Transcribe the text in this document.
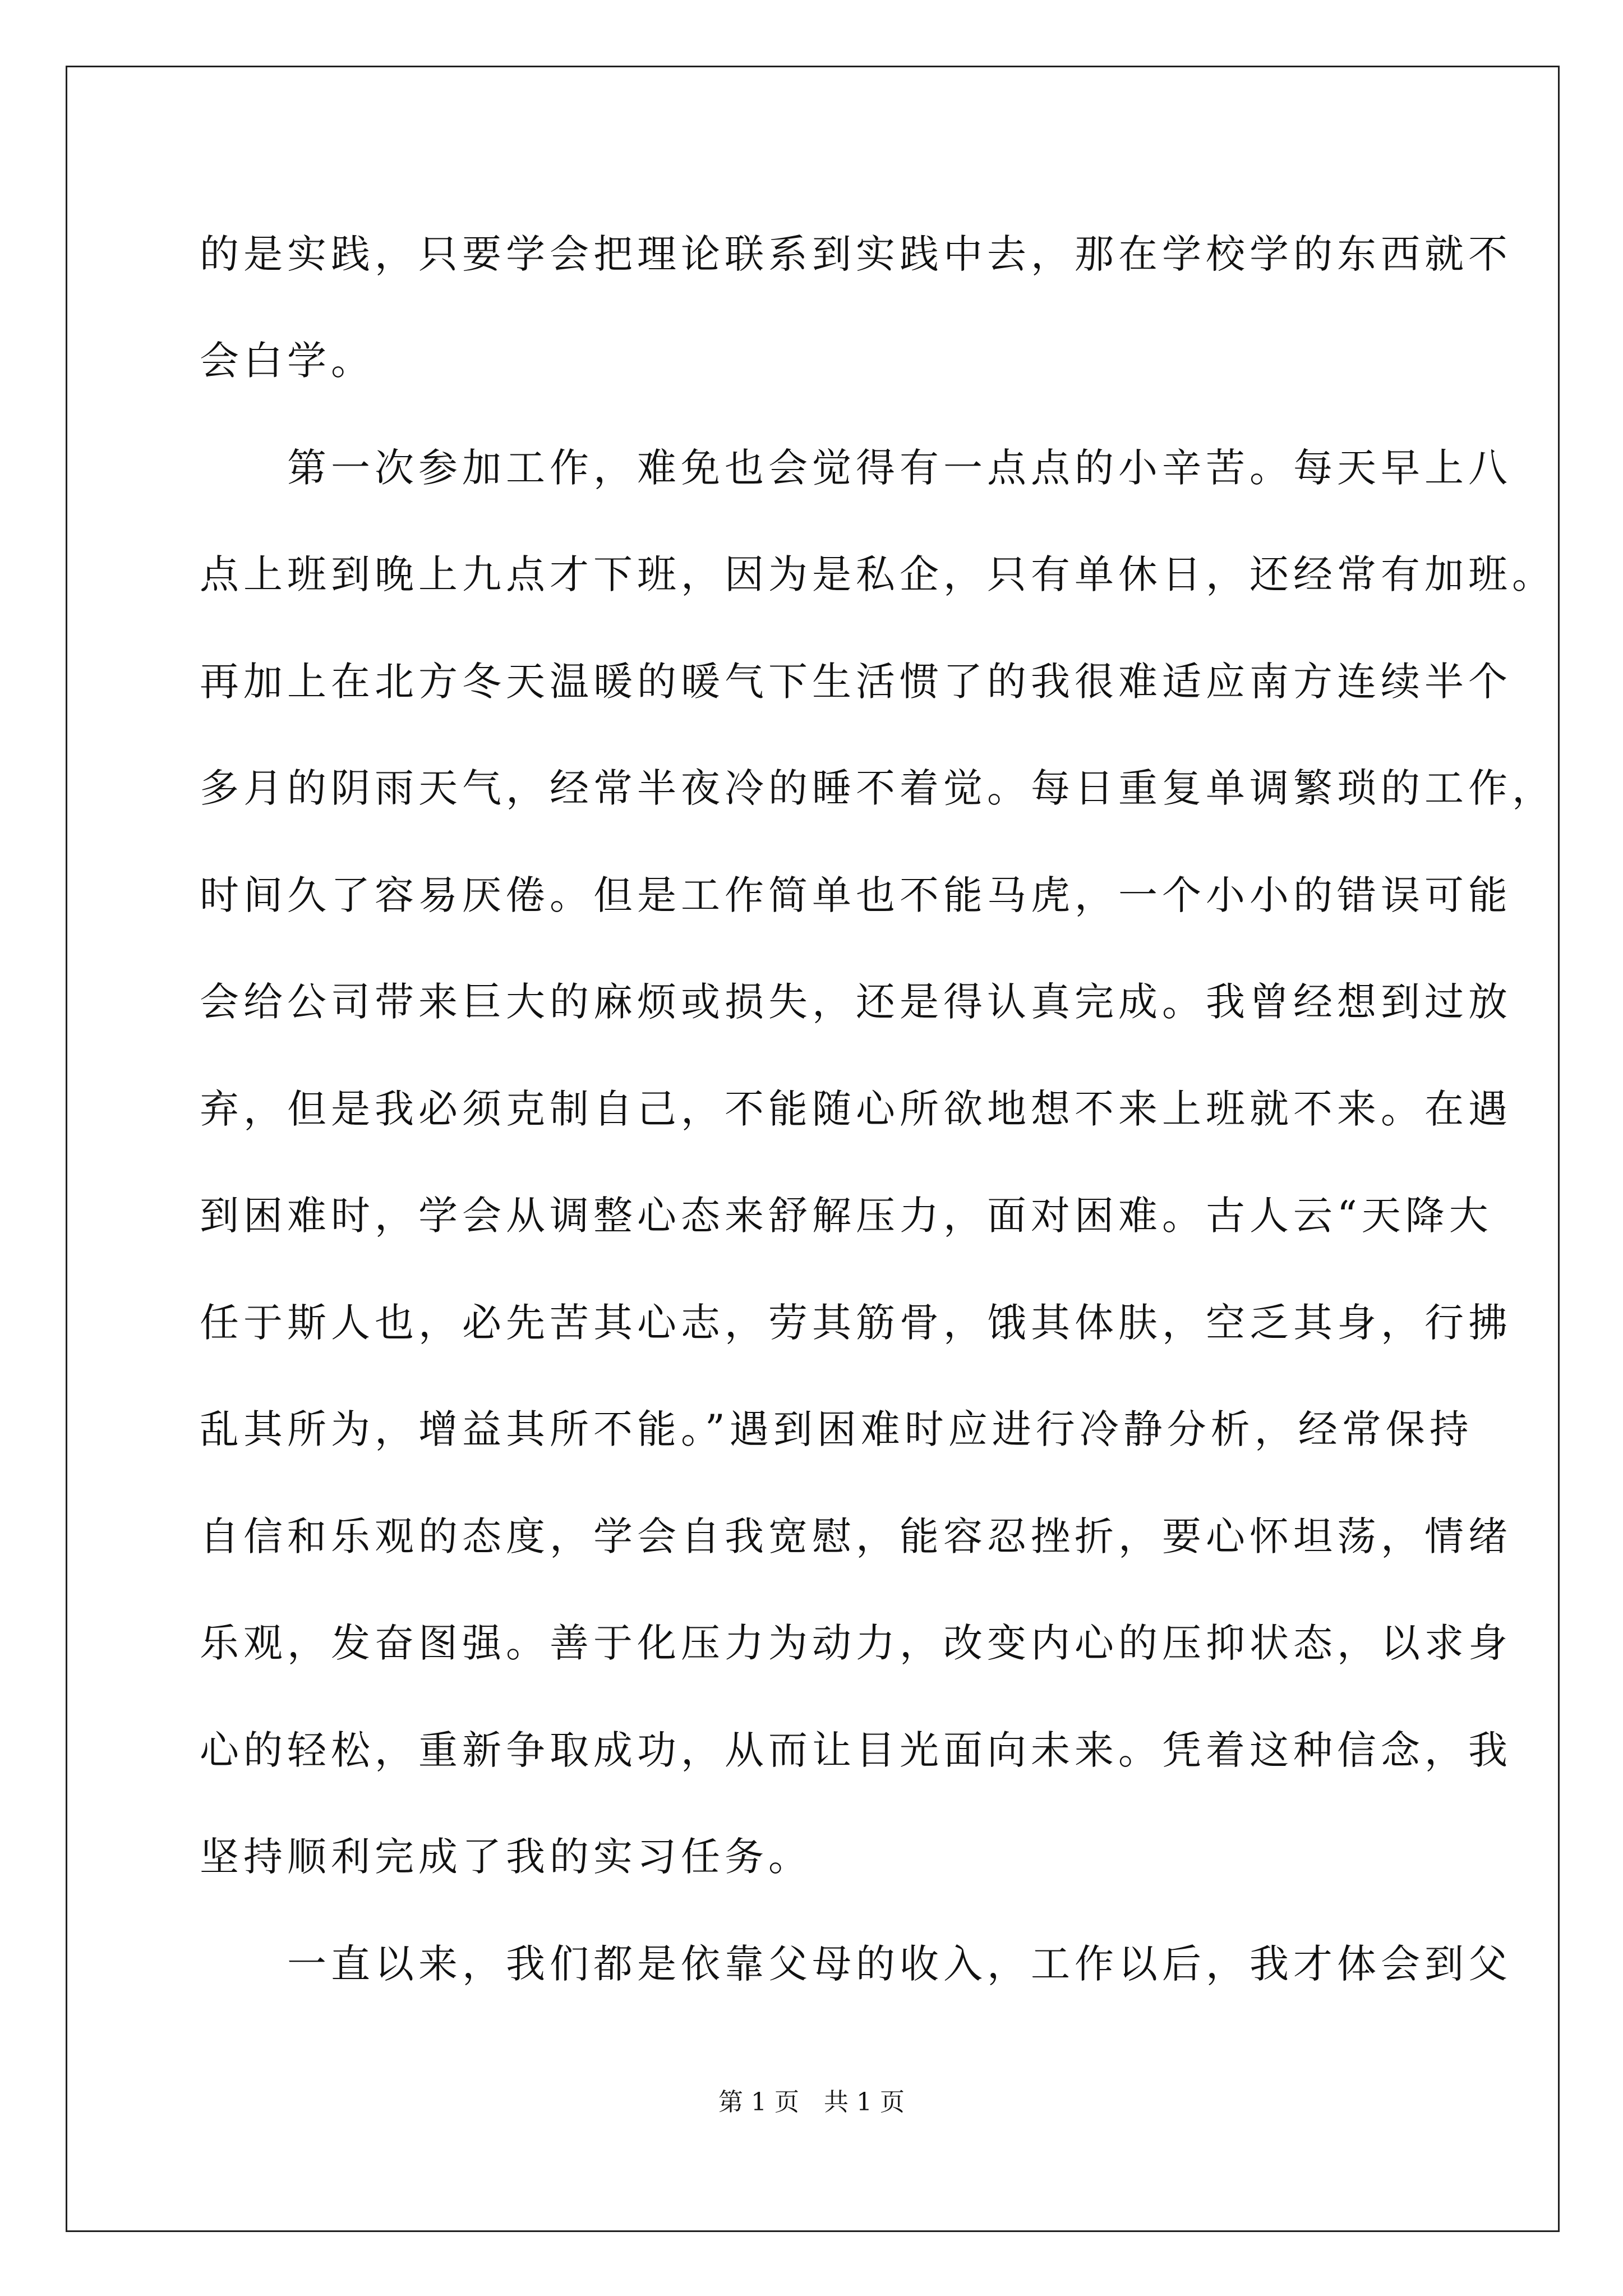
的是实践，只要学会把理论联系到实践中去，那在学校学的东西就不
会白学。
　　第一次参加工作，难免也会觉得有一点点的小辛苦。每天早上八
点上班到晚上九点才下班，因为是私企，只有单休日，还经常有加班。
再加上在北方冬天温暖的暖气下生活惯了的我很难适应南方连续半个
多月的阴雨天气，经常半夜冷的睡不着觉。每日重复单调繁琐的工作，
时间久了容易厌倦。但是工作简单也不能马虎，一个小小的错误可能
会给公司带来巨大的麻烦或损失，还是得认真完成。我曾经想到过放
弃，但是我必须克制自己，不能随心所欲地想不来上班就不来。在遇
到困难时，学会从调整心态来舒解压力，面对困难。古人云“天降大
任于斯人也，必先苦其心志，劳其筋骨，饿其体肤，空乏其身，行拂
乱其所为，增益其所不能。”遇到困难时应进行冷静分析，经常保持
自信和乐观的态度，学会自我宽慰，能容忍挫折，要心怀坦荡，情绪
乐观，发奋图强。善于化压力为动力，改变内心的压抑状态，以求身
心的轻松，重新争取成功，从而让目光面向未来。凭着这种信念，我
坚持顺利完成了我的实习任务。
　　一直以来，我们都是依靠父母的收入，工作以后，我才体会到父
第 1 页　共 1 页
